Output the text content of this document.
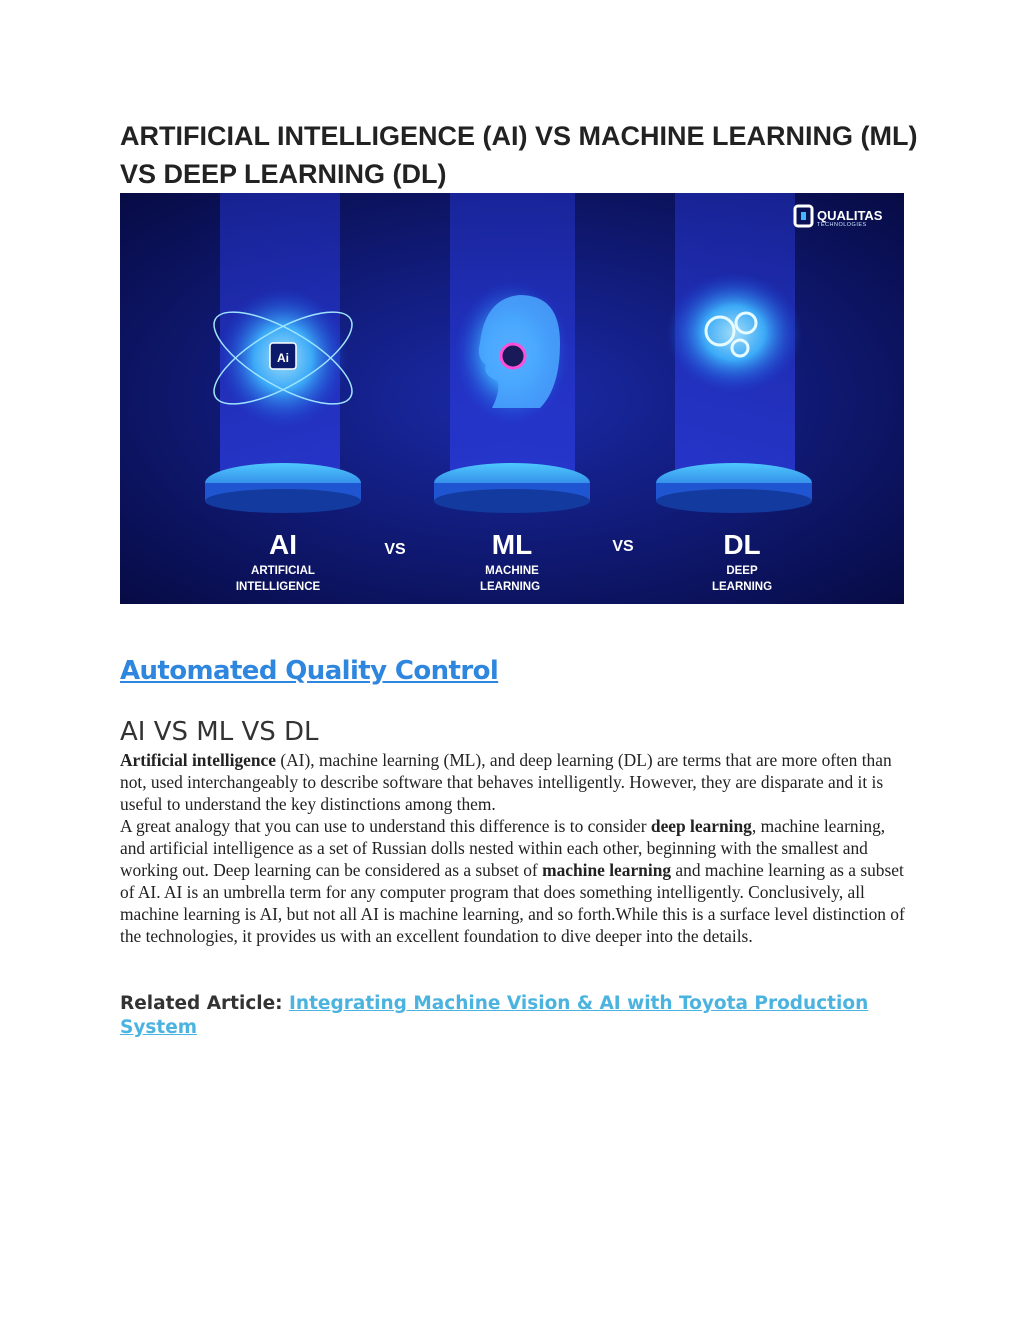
ARTIFICIAL INTELLIGENCE (AI) VS MACHINE LEARNING (ML) VS DEEP LEARNING (DL)
QUALITAS
TECHNOLOGIES
Ai
AI
ARTIFICIAL
INTELLIGENCE
VS	ML
MACHINE
LEARNING
VS	DL
DEEP
LEARNING
Automated Quality Control
AI VS ML VS DL

Artificial intelligence (AI), machine learning (ML), and deep learning (DL) are terms that are more often than not, used interchangeably to describe software that behaves intelligently. However, they are disparate and it is useful to understand the key distinctions among them.

A great analogy that you can use to understand this difference is to consider deep learning, machine learning, and artificial intelligence as a set of Russian dolls nested within each other, beginning with the smallest and working out. Deep learning can be considered as a subset of machine learning and machine learning as a subset of AI. AI is an umbrella term for any computer program that does something intelligently. Conclusively, all machine learning is AI, but not all AI is machine learning, and so forth.While this is a surface level distinction of the technologies, it provides us with an excellent foundation to dive deeper into the details.

Related Article: Integrating Machine Vision & AI with Toyota Production System
